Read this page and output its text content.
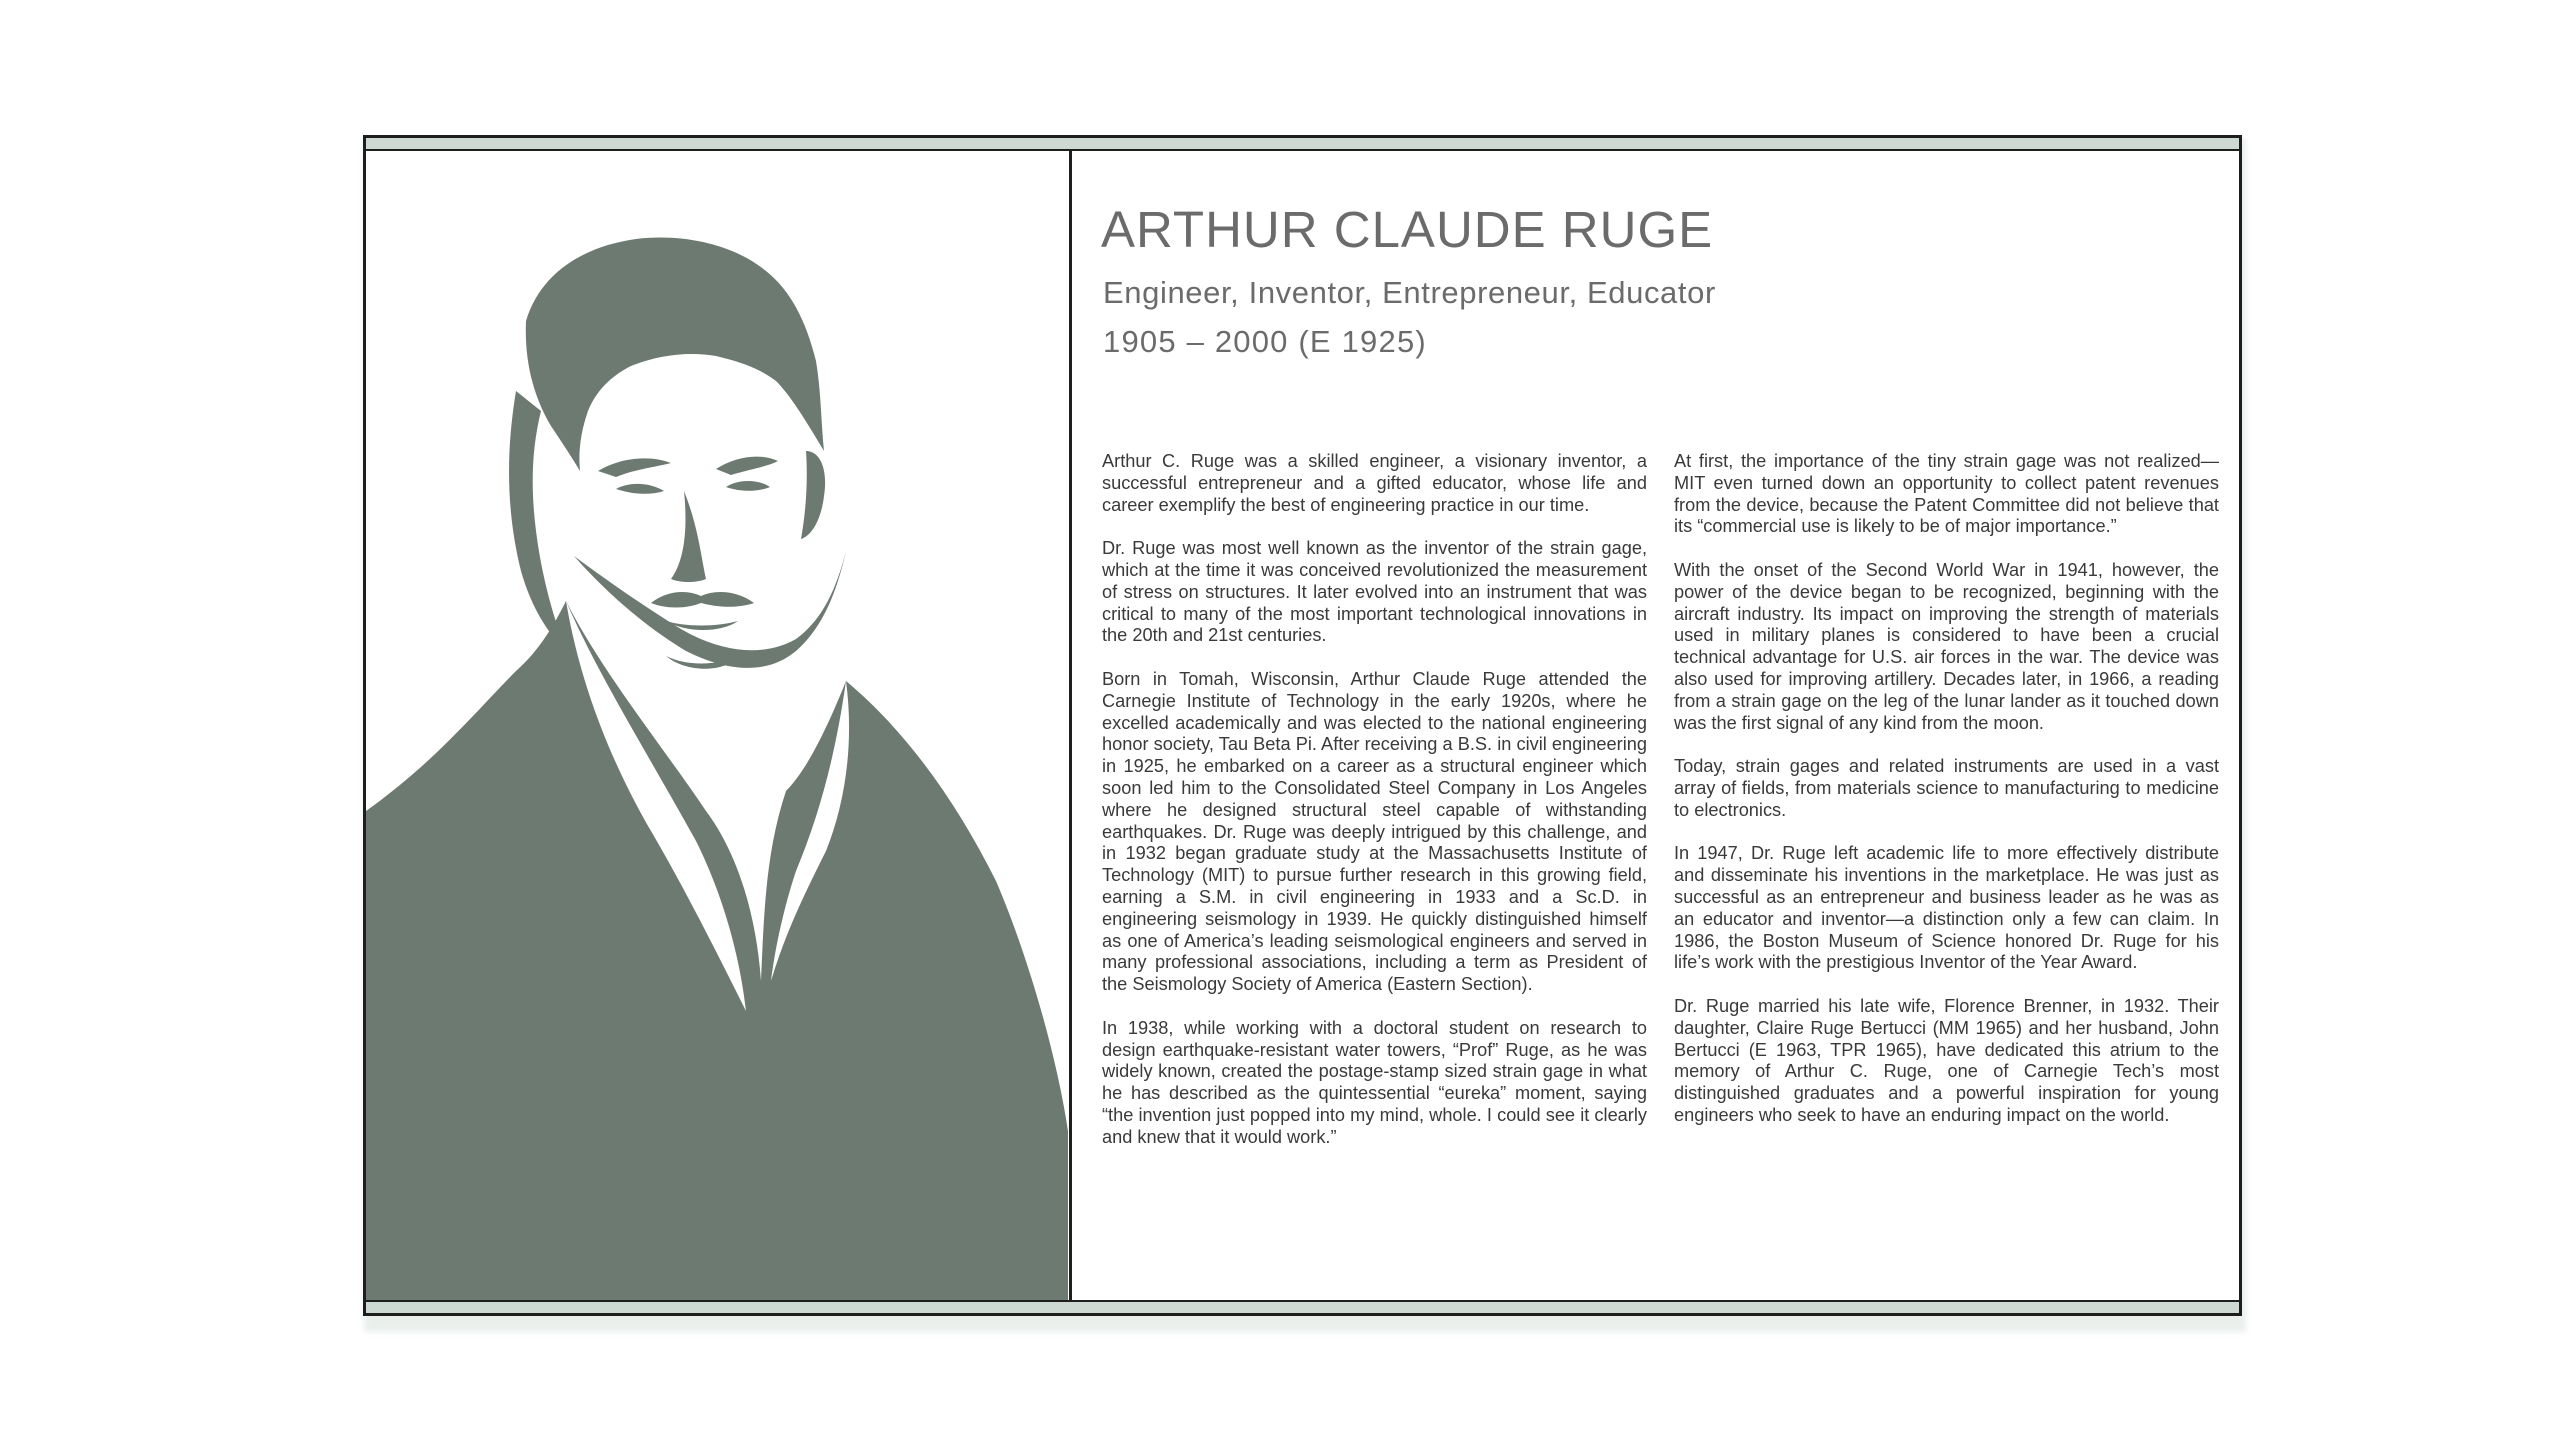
ARTHUR CLAUDE RUGE
Engineer, Inventor, Entrepreneur, Educator
1905 – 2000 (E 1925)

Arthur C. Ruge was a skilled engineer, a visionary inventor, a successful entrepreneur and a gifted educator, whose life and career exemplify the best of engineering practice in our time.

Dr. Ruge was most well known as the inventor of the strain gage, which at the time it was conceived revolutionized the measurement of stress on structures. It later evolved into an instrument that was critical to many of the most important technological innovations in the 20th and 21st centuries.

Born in Tomah, Wisconsin, Arthur Claude Ruge attended the Carnegie Institute of Technology in the early 1920s, where he excelled academically and was elected to the national engineering honor society, Tau Beta Pi. After receiving a B.S. in civil engineering in 1925, he embarked on a career as a structural engineer which soon led him to the Consolidated Steel Company in Los Angeles where he designed structural steel capable of withstanding earthquakes. Dr. Ruge was deeply intrigued by this challenge, and in 1932 began graduate study at the Massachusetts Institute of Technology (MIT) to pursue further research in this growing field, earning a S.M. in civil engineering in 1933 and a Sc.D. in engineering seismology in 1939. He quickly distinguished himself as one of America’s leading seismological engineers and served in many professional associations, including a term as President of the Seismology Society of America (Eastern Section).

In 1938, while working with a doctoral student on research to design earthquake-resistant water towers, “Prof” Ruge, as he was widely known, created the postage-stamp sized strain gage in what he has described as the quintessential “eureka” moment, saying “the invention just popped into my mind, whole. I could see it clearly and knew that it would work.”

At first, the importance of the tiny strain gage was not realized—MIT even turned down an opportunity to collect patent revenues from the device, because the Patent Committee did not believe that its “commercial use is likely to be of major importance.”

With the onset of the Second World War in 1941, however, the power of the device began to be recognized, beginning with the aircraft industry. Its impact on improving the strength of materials used in military planes is considered to have been a crucial technical advantage for U.S. air forces in the war. The device was also used for improving artillery. Decades later, in 1966, a reading from a strain gage on the leg of the lunar lander as it touched down was the first signal of any kind from the moon.

Today, strain gages and related instruments are used in a vast array of fields, from materials science to manufacturing to medicine to electronics.

In 1947, Dr. Ruge left academic life to more effectively distribute and disseminate his inventions in the marketplace. He was just as successful as an entrepreneur and business leader as he was as an educator and inventor—a distinction only a few can claim. In 1986, the Boston Museum of Science honored Dr. Ruge for his life’s work with the prestigious Inventor of the Year Award.

Dr. Ruge married his late wife, Florence Brenner, in 1932. Their daughter, Claire Ruge Bertucci (MM 1965) and her husband, John Bertucci (E 1963, TPR 1965), have dedicated this atrium to the memory of Arthur C. Ruge, one of Carnegie Tech’s most distinguished graduates and a powerful inspiration for young engineers who seek to have an enduring impact on the world.
